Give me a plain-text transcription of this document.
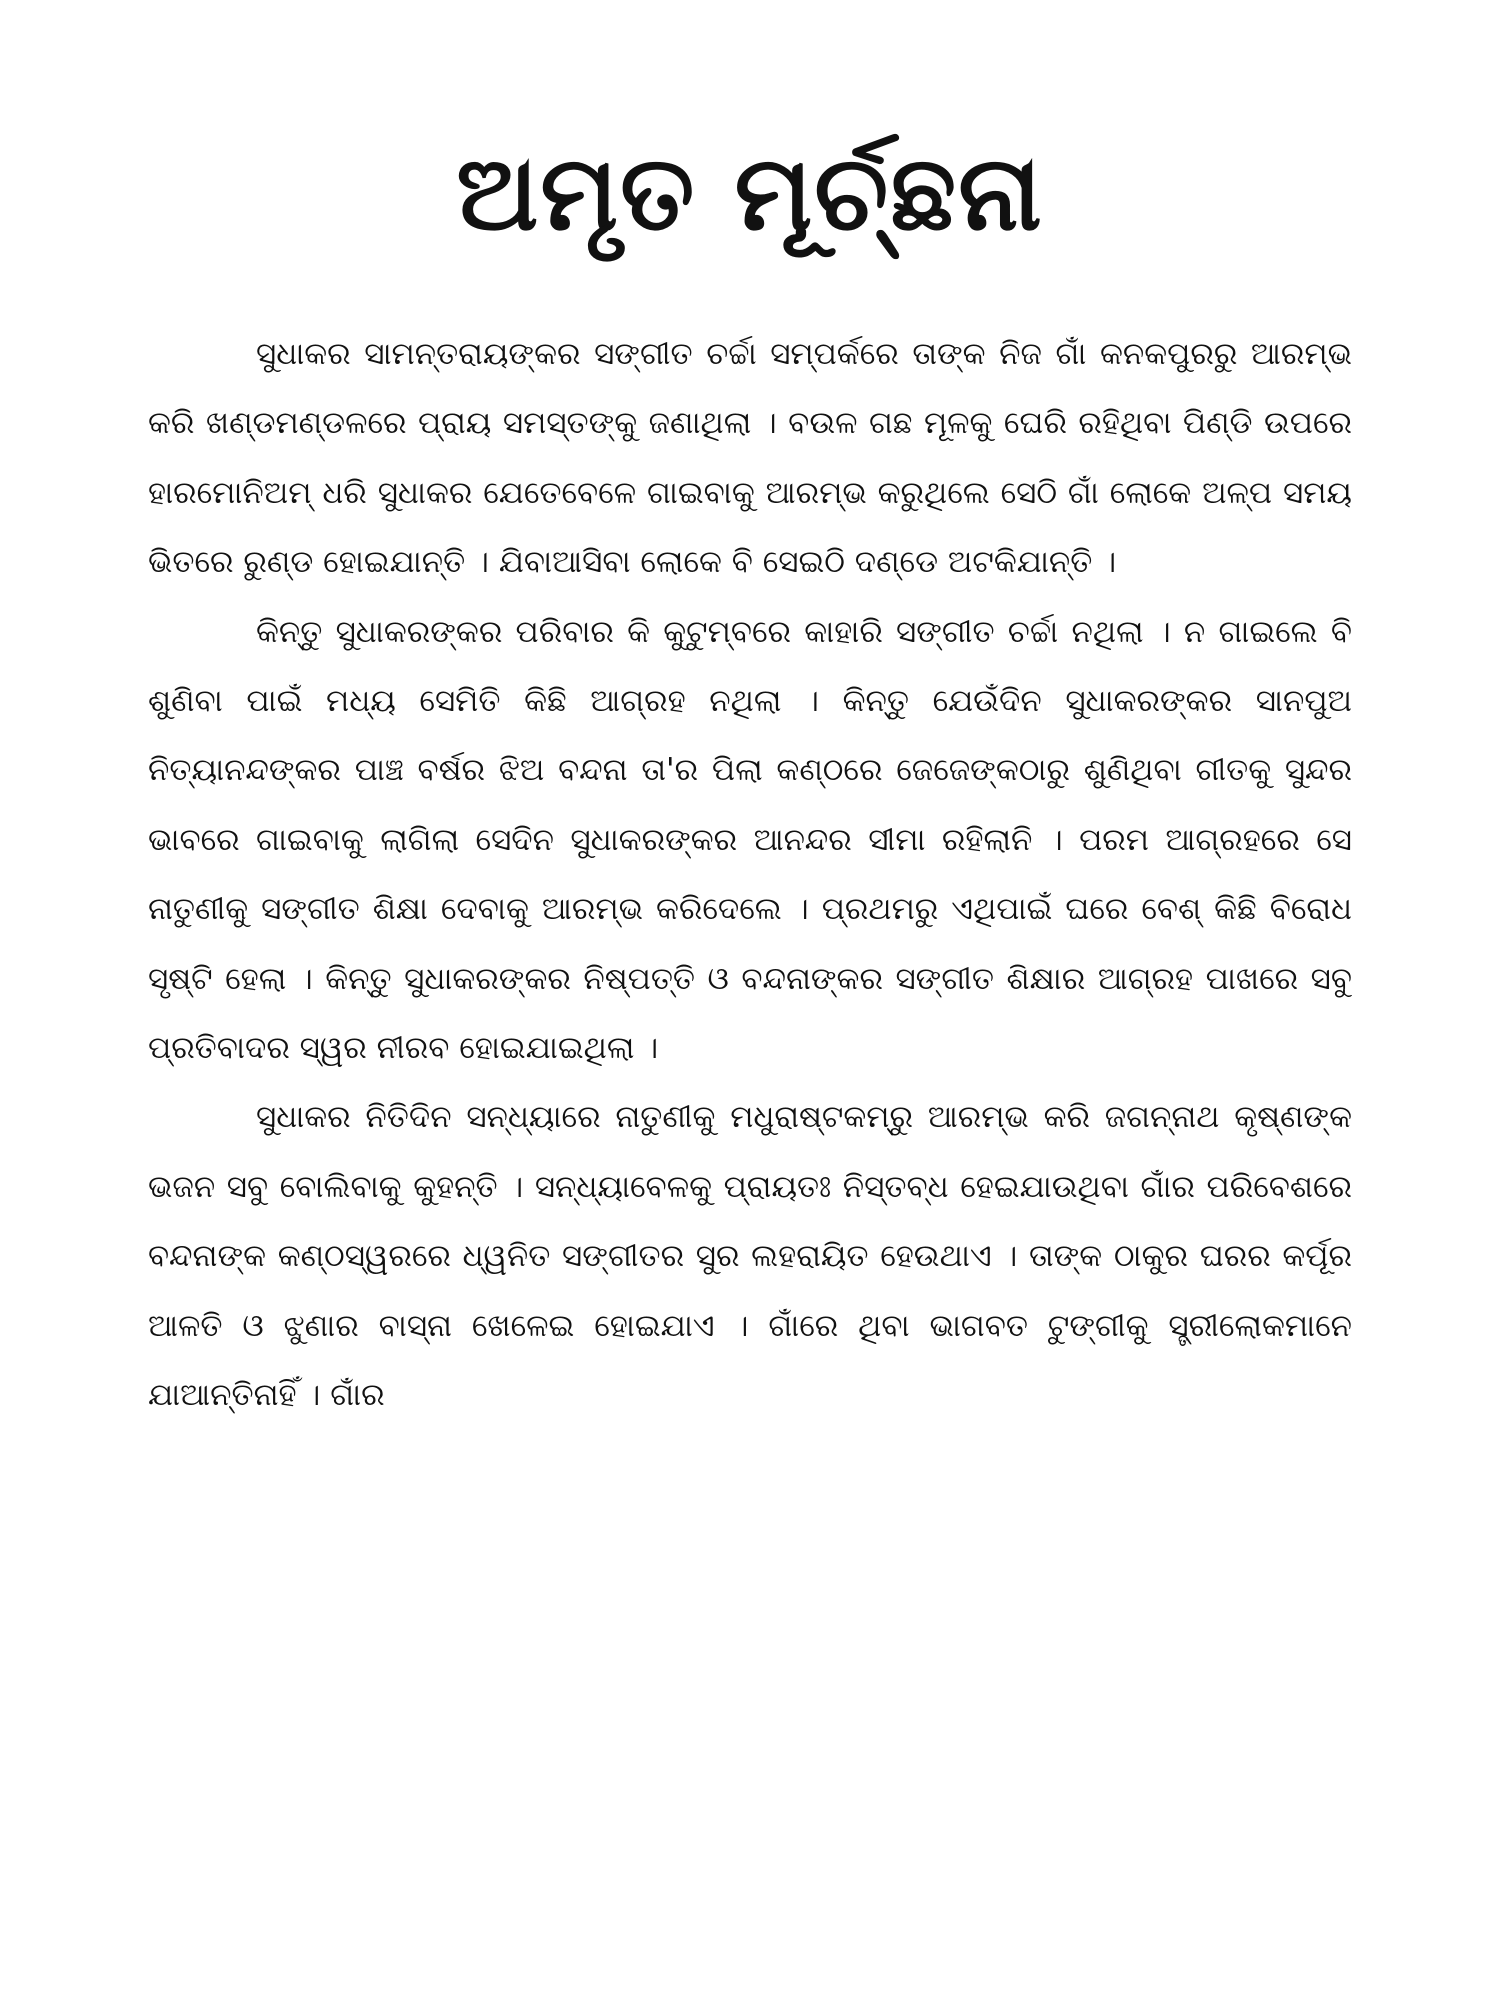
ଅମୃତ ମୂର୍ଚ୍ଛନା

ସୁଧାକର ସାମନ୍ତରାୟଙ୍କର ସଙ୍ଗୀତ ଚର୍ଚ୍ଚା ସମ୍ପର୍କରେ ତାଙ୍କ ନିଜ ଗାଁ କନକପୁରରୁ ଆରମ୍ଭ କରି ଖଣ୍ଡମଣ୍ଡଳରେ ପ୍ରାୟ ସମସ୍ତଙ୍କୁ ଜଣାଥିଲା । ବଉଳ ଗଛ ମୂଳକୁ ଘେରି ରହିଥିବା ପିଣ୍ଡି ଉପରେ ହାରମୋନିଅମ୍ ଧରି ସୁଧାକର ଯେତେବେଳେ ଗାଇବାକୁ ଆରମ୍ଭ କରୁଥିଲେ ସେଠି ଗାଁ ଲୋକେ ଅଳ୍ପ ସମୟ ଭିତରେ ରୁଣ୍ଡ ହୋଇଯାନ୍ତି । ଯିବାଆସିବା ଲୋକେ ବି ସେଇଠି ଦଣ୍ଡେ ଅଟକିଯାନ୍ତି ।

କିନ୍ତୁ ସୁଧାକରଙ୍କର ପରିବାର କି କୁଟୁମ୍ବରେ କାହାରି ସଙ୍ଗୀତ ଚର୍ଚ୍ଚା ନଥିଲା । ନ ଗାଇଲେ ବି ଶୁଣିବା ପାଇଁ ମଧ୍ୟ ସେମିତି କିଛି ଆଗ୍ରହ ନଥିଲା । କିନ୍ତୁ ଯେଉଁଦିନ ସୁଧାକରଙ୍କର ସାନପୁଅ ନିତ୍ୟାନନ୍ଦଙ୍କର ପାଞ୍ଚ ବର୍ଷର ଝିଅ ବନ୍ଦନା ତା'ର ପିଲା କଣ୍ଠରେ ଜେଜେଙ୍କଠାରୁ ଶୁଣିଥିବା ଗୀତକୁ ସୁନ୍ଦର ଭାବରେ ଗାଇବାକୁ ଲାଗିଲା ସେଦିନ ସୁଧାକରଙ୍କର ଆନନ୍ଦର ସୀମା ରହିଲାନି । ପରମ ଆଗ୍ରହରେ ସେ ନାତୁଣୀକୁ ସଙ୍ଗୀତ ଶିକ୍ଷା ଦେବାକୁ ଆରମ୍ଭ କରିଦେଲେ । ପ୍ରଥମରୁ ଏଥିପାଇଁ ଘରେ ବେଶ୍ କିଛି ବିରୋଧ ସୃଷ୍ଟି ହେଲା । କିନ୍ତୁ ସୁଧାକରଙ୍କର ନିଷ୍ପତ୍ତି ଓ ବନ୍ଦନାଙ୍କର ସଙ୍ଗୀତ ଶିକ୍ଷାର ଆଗ୍ରହ ପାଖରେ ସବୁ ପ୍ରତିବାଦର ସ୍ୱର ନୀରବ ହୋଇଯାଇଥିଲା ।

ସୁଧାକର ନିତିଦିନ ସନ୍ଧ୍ୟାରେ ନାତୁଣୀକୁ ମଧୁରାଷ୍ଟକମ୍‌ରୁ ଆରମ୍ଭ କରି ଜଗନ୍ନାଥ କୃଷ୍ଣଙ୍କ ଭଜନ ସବୁ ବୋଲିବାକୁ କୁହନ୍ତି । ସନ୍ଧ୍ୟାବେଳକୁ ପ୍ରାୟତଃ ନିସ୍ତବ୍ଧ ହେଇଯାଉଥିବା ଗାଁର ପରିବେଶରେ ବନ୍ଦନାଙ୍କ କଣ୍ଠସ୍ୱରରେ ଧ୍ୱନିତ ସଙ୍ଗୀତର ସୁର ଲହରାୟିତ ହେଉଥାଏ । ତାଙ୍କ ଠାକୁର ଘରର କର୍ପୂର ଆଳତି ଓ ଝୁଣାର ବାସ୍ନା ଖେଳେଇ ହୋଇଯାଏ । ଗାଁରେ ଥିବା ଭାଗବତ ଟୁଙ୍ଗୀକୁ ସ୍ତ୍ରୀଲୋକମାନେ ଯାଆନ୍ତିନାହିଁ । ଗାଁର
